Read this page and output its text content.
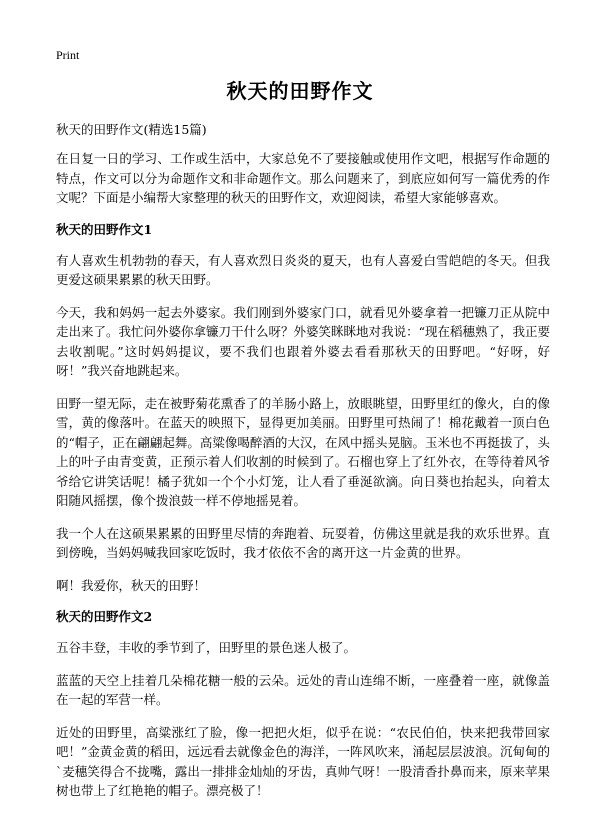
Print
秋天的田野作文

秋天的田野作文(精选15篇)

在日复一日的学习、工作或生活中，大家总免不了要接触或使用作文吧，根据写作命题的特点，作文可以分为命题作文和非命题作文。那么问题来了，到底应如何写一篇优秀的作文呢？下面是小编帮大家整理的秋天的田野作文，欢迎阅读，希望大家能够喜欢。

秋天的田野作文1

有人喜欢生机勃勃的春天，有人喜欢烈日炎炎的夏天，也有人喜爱白雪皑皑的冬天。但我更爱这硕果累累的秋天田野。

今天，我和妈妈一起去外婆家。我们刚到外婆家门口，就看见外婆拿着一把镰刀正从院中走出来了。我忙问外婆你拿镰刀干什么呀？外婆笑眯眯地对我说：“现在稻穗熟了，我正要去收割呢。”这时妈妈提议，要不我们也跟着外婆去看看那秋天的田野吧。“好呀，好呀！”我兴奋地跳起来。

田野一望无际，走在被野菊花熏香了的羊肠小路上，放眼眺望，田野里红的像火，白的像雪，黄的像落叶。在蓝天的映照下，显得更加美丽。田野里可热闹了！棉花戴着一顶白色的“帽子，正在翩翩起舞。高粱像喝醉酒的大汉，在风中摇头晃脑。玉米也不再挺拔了，头上的叶子由青变黄，正预示着人们收割的时候到了。石榴也穿上了红外衣，在等待着风爷爷给它讲笑话呢！橘子犹如一个个小灯笼，让人看了垂涎欲滴。向日葵也抬起头，向着太阳随风摇摆，像个拨浪鼓一样不停地摇晃着。

我一个人在这硕果累累的田野里尽情的奔跑着、玩耍着，仿佛这里就是我的欢乐世界。直到傍晚，当妈妈喊我回家吃饭时，我才依依不舍的离开这一片金黄的世界。

啊！我爱你，秋天的田野！

秋天的田野作文2

五谷丰登，丰收的季节到了，田野里的景色迷人极了。

蓝蓝的天空上挂着几朵棉花糖一般的云朵。远处的青山连绵不断，一座叠着一座，就像盖在一起的军营一样。

近处的田野里，高粱涨红了脸，像一把把火炬，似乎在说：“农民伯伯，快来把我带回家吧！”金黄金黄的稻田，远远看去就像金色的海洋，一阵风吹来，涌起层层波浪。沉甸甸的`麦穗笑得合不拢嘴，露出一排排金灿灿的牙齿，真帅气呀！一股清香扑鼻而来，原来苹果树也带上了红艳艳的帽子。漂亮极了！
